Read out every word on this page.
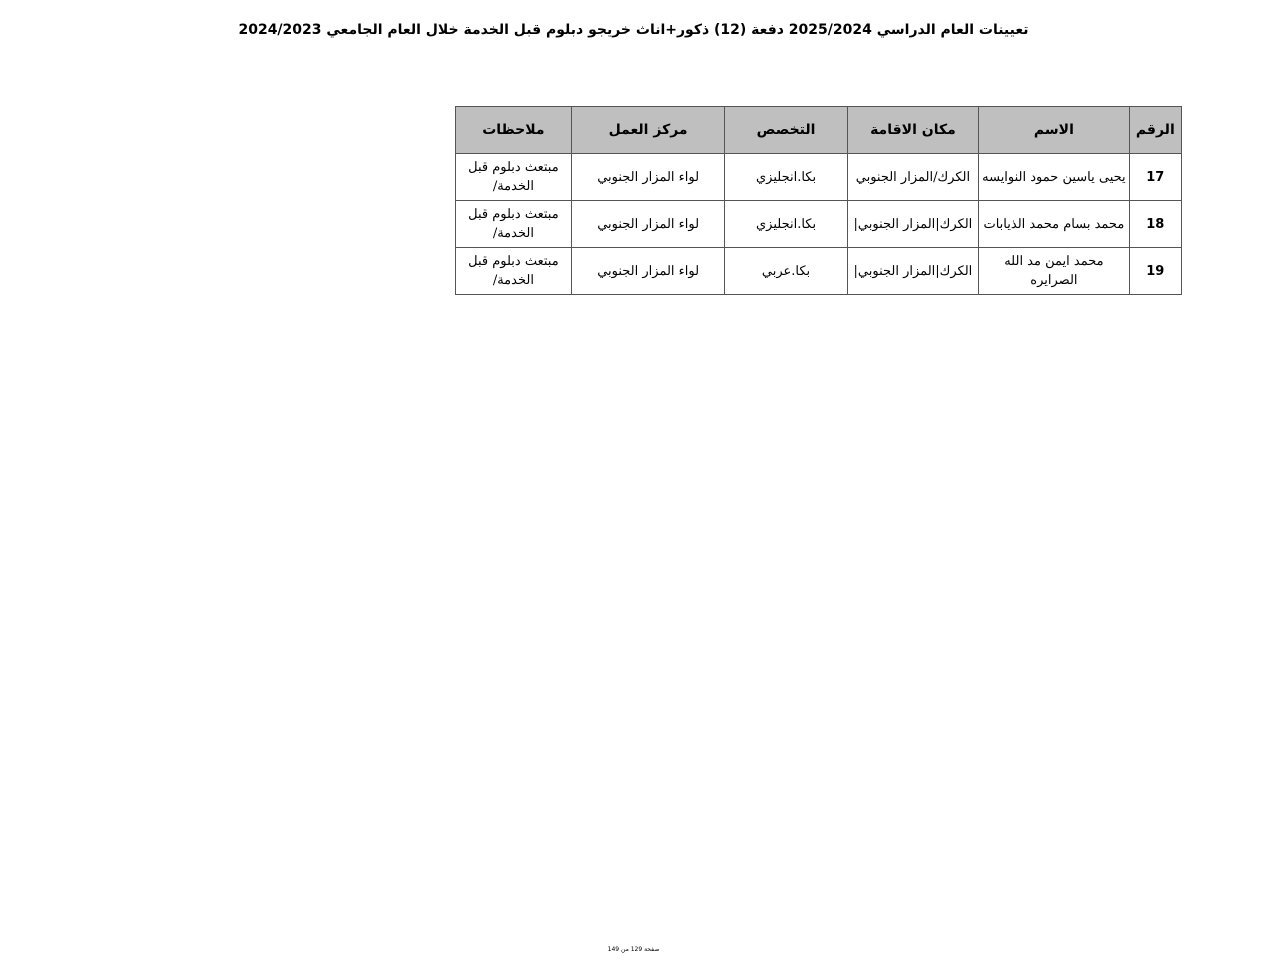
تعيينات العام الدراسي 2025/2024 دفعة (12) ذكور+اناث خريجو دبلوم قبل الخدمة خلال العام الجامعي 2024/2023
الرقم	الاسم	مكان الاقامة	التخصص	مركز العمل	ملاحظات
17	يحيى ياسين حمود النوايسه	الكرك/المزار الجنوبي	بكا.انجليزي	لواء المزار الجنوبي	مبتعث دبلوم قبل الخدمة/
18	محمد بسام محمد الذيابات	الكرك|المزار الجنوبي|	بكا.انجليزي	لواء المزار الجنوبي	مبتعث دبلوم قبل الخدمة/
19	محمد ايمن مد الله الصرايره	الكرك|المزار الجنوبي|	بكا.عربي	لواء المزار الجنوبي	مبتعث دبلوم قبل الخدمة/
صفحة 129 من 149
